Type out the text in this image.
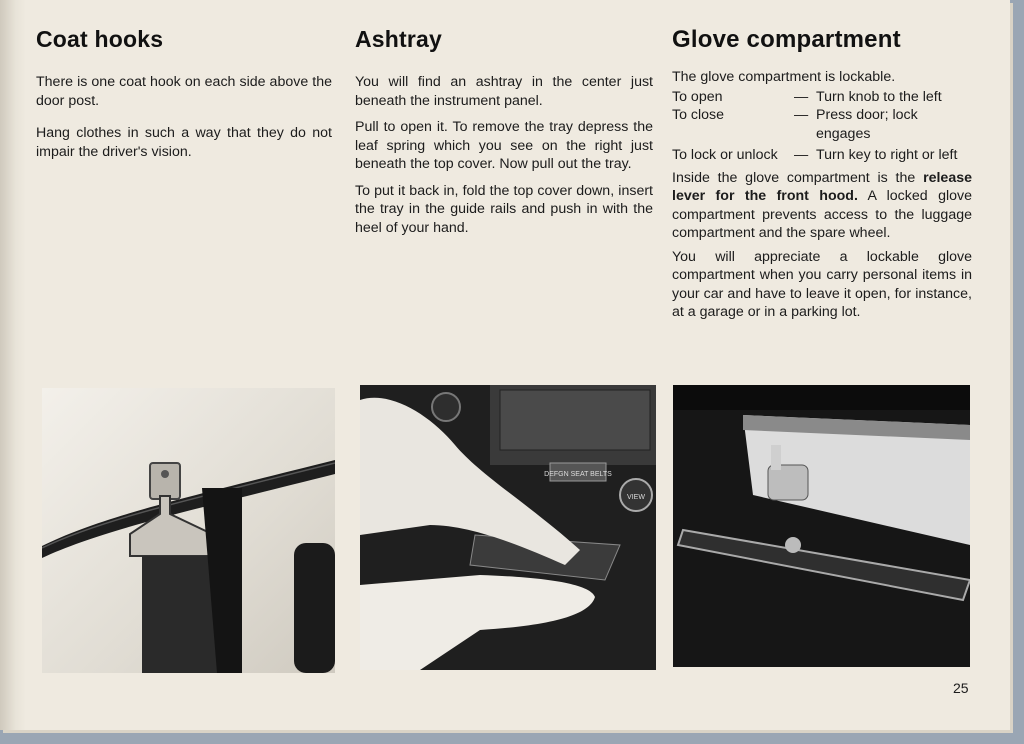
Coat hooks

There is one coat hook on each side above the door post.

Hang clothes in such a way that they do not impair the driver's vision.

Ashtray

You will find an ashtray in the center just beneath the instrument panel.

Pull to open it. To remove the tray depress the leaf spring which you see on the right just beneath the top cover. Now pull out the tray.

To put it back in, fold the top cover down, insert the tray in the guide rails and push in with the heel of your hand.

Glove compartment

The glove compartment is lockable.

To open	— Turn knob to the left
To close	— Press door; lock engages
To lock or unlock	— Turn key to right or left

Inside the glove compartment is the release lever for the front hood. A locked glove compartment prevents access to the luggage compartment and the spare wheel.

You will appreciate a lockable glove compartment when you carry personal items in your car and have to leave it open, for instance, at a garage or in a parking lot.

DEFGN SEAT BELTS
VIEW
25
